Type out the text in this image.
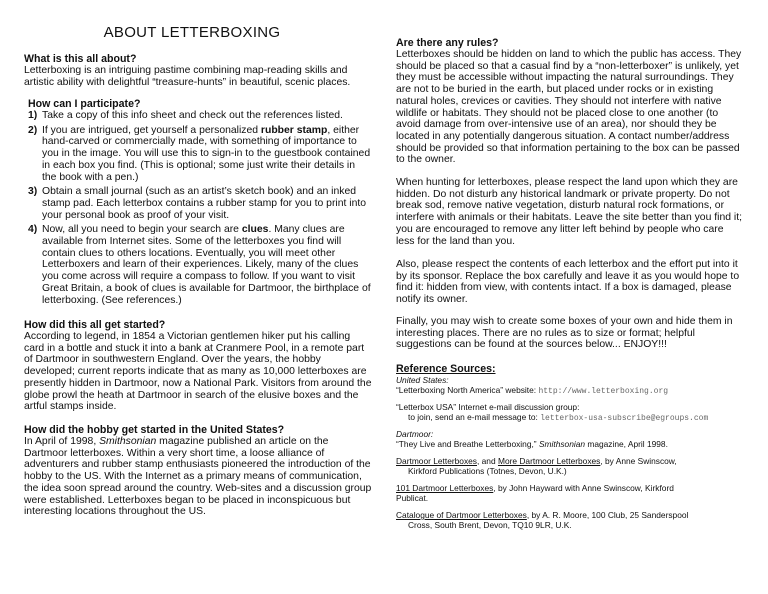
ABOUT LETTERBOXING

What is this all about?

Letterboxing is an intriguing pastime combining map-reading skills and artistic ability with delightful “treasure-hunts” in beautiful, scenic places.

How can I participate?

1) Take a copy of this info sheet and check out the references listed.

2) If you are intrigued, get yourself a personalized rubber stamp, either hand-carved or commercially made, with something of importance to you in the image. You will use this to sign-in to the guestbook contained in each box you find. (This is optional; some just write their details in the book with a pen.)

3) Obtain a small journal (such as an artist’s sketch book) and an inked stamp pad. Each letterbox contains a rubber stamp for you to print into your personal book as proof of your visit.

4) Now, all you need to begin your search are clues. Many clues are available from Internet sites. Some of the letterboxes you find will contain clues to others locations. Eventually, you will meet other Letterboxers and learn of their experiences. Likely, many of the clues you come across will require a compass to follow. If you want to visit Great Britain, a book of clues is available for Dartmoor, the birthplace of letterboxing. (See references.)

How did this all get started?

According to legend, in 1854 a Victorian gentlemen hiker put his calling card in a bottle and stuck it into a bank at Cranmere Pool, in a remote part of Dartmoor in southwestern England. Over the years, the hobby developed; current reports indicate that as many as 10,000 letterboxes are presently hidden in Dartmoor, now a National Park. Visitors from around the globe prowl the heath at Dartmoor in search of the elusive boxes and the artful stamps inside.

How did the hobby get started in the United States?

In April of 1998, Smithsonian magazine published an article on the Dartmoor letterboxes. Within a very short time, a loose alliance of adventurers and rubber stamp enthusiasts pioneered the introduction of the hobby to the US. With the Internet as a primary means of communication, the idea soon spread around the country. Web-sites and a discussion group were established. Letterboxes began to be placed in inconspicuous but interesting locations throughout the US.

Are there any rules?

Letterboxes should be hidden on land to which the public has access. They should be placed so that a casual find by a “non-letterboxer” is unlikely, yet they must be accessible without impacting the natural surroundings. They are not to be buried in the earth, but placed under rocks or in existing natural holes, crevices or cavities. They should not interfere with native wildlife or habitats. They should not be placed close to one another (to avoid damage from over-intensive use of an area), nor should they be located in any potentially dangerous situation. A contact number/address should be provided so that information pertaining to the box can be passed to the owner.

When hunting for letterboxes, please respect the land upon which they are hidden. Do not disturb any historical landmark or private property. Do not break sod, remove native vegetation, disturb natural rock formations, or interfere with animals or their habitats. Leave the site better than you find it; you are encouraged to remove any litter left behind by people who care less for the land than you.

Also, please respect the contents of each letterbox and the effort put into it by its sponsor. Replace the box carefully and leave it as you would hope to find it: hidden from view, with contents intact. If a box is damaged, please notify its owner.

Finally, you may wish to create some boxes of your own and hide them in interesting places. There are no rules as to size or format; helpful suggestions can be found at the sources below... ENJOY!!!

Reference Sources:

United States:

“Letterboxing North America” website: http://www.letterboxing.org

“Letterbox USA” Internet e-mail discussion group:

to join, send an e-mail message to: letterbox-usa-subscribe@egroups.com

Dartmoor:

“They Live and Breathe Letterboxing,” Smithsonian magazine, April 1998.

Dartmoor Letterboxes, and More Dartmoor Letterboxes, by Anne Swinscow,

Kirkford Publications (Totnes, Devon, U.K.)

101 Dartmoor Letterboxes, by John Hayward with Anne Swinscow, Kirkford

Publicat.

Catalogue of Dartmoor Letterboxes, by A. R. Moore, 100 Club, 25 Sanderspool

Cross, South Brent, Devon, TQ10 9LR, U.K.
